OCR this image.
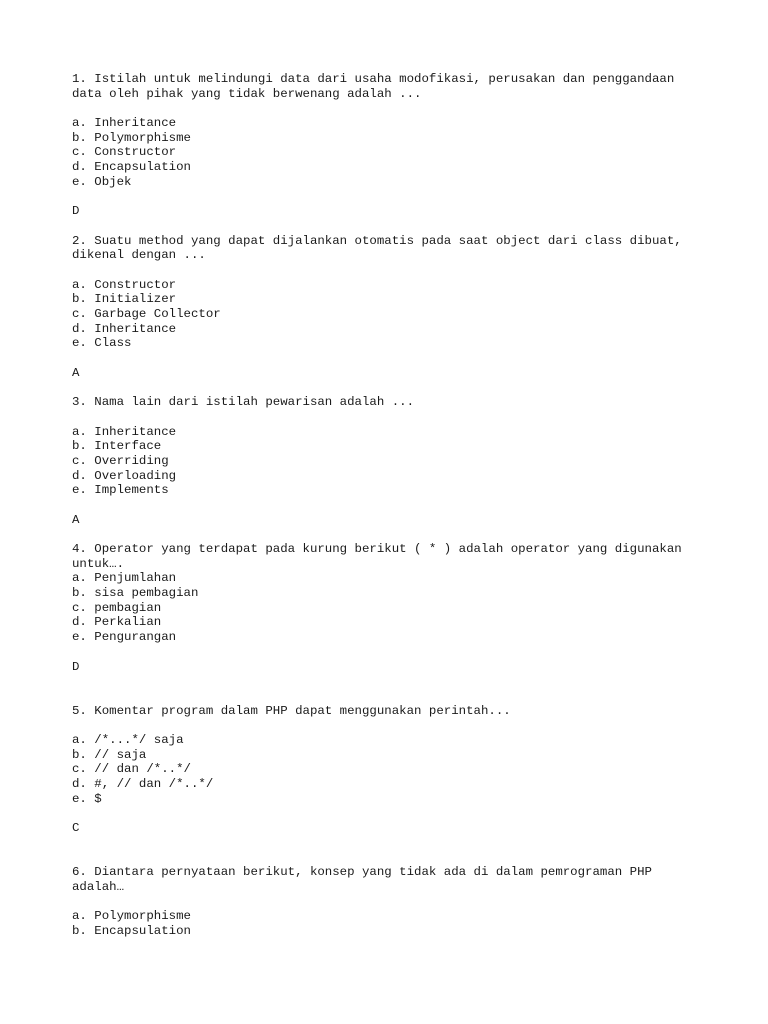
1. Istilah untuk melindungi data dari usaha modofikasi, perusakan dan penggandaan
data oleh pihak yang tidak berwenang adalah ...
a. Inheritance
b. Polymorphisme
c. Constructor
d. Encapsulation
e. Objek
D
2. Suatu method yang dapat dijalankan otomatis pada saat object dari class dibuat,
dikenal dengan ...
a. Constructor
b. Initializer
c. Garbage Collector
d. Inheritance
e. Class
A
3. Nama lain dari istilah pewarisan adalah ...
a. Inheritance
b. Interface
c. Overriding
d. Overloading
e. Implements
A
4. Operator yang terdapat pada kurung berikut ( * ) adalah operator yang digunakan
untuk….
a. Penjumlahan
b. sisa pembagian
c. pembagian
d. Perkalian
e. Pengurangan
D
5. Komentar program dalam PHP dapat menggunakan perintah...
a. /*...*/ saja
b. // saja
c. // dan /*..*/
d. #, // dan /*..*/
e. $
C
6. Diantara pernyataan berikut, konsep yang tidak ada di dalam pemrograman PHP
adalah…
a. Polymorphisme
b. Encapsulation
